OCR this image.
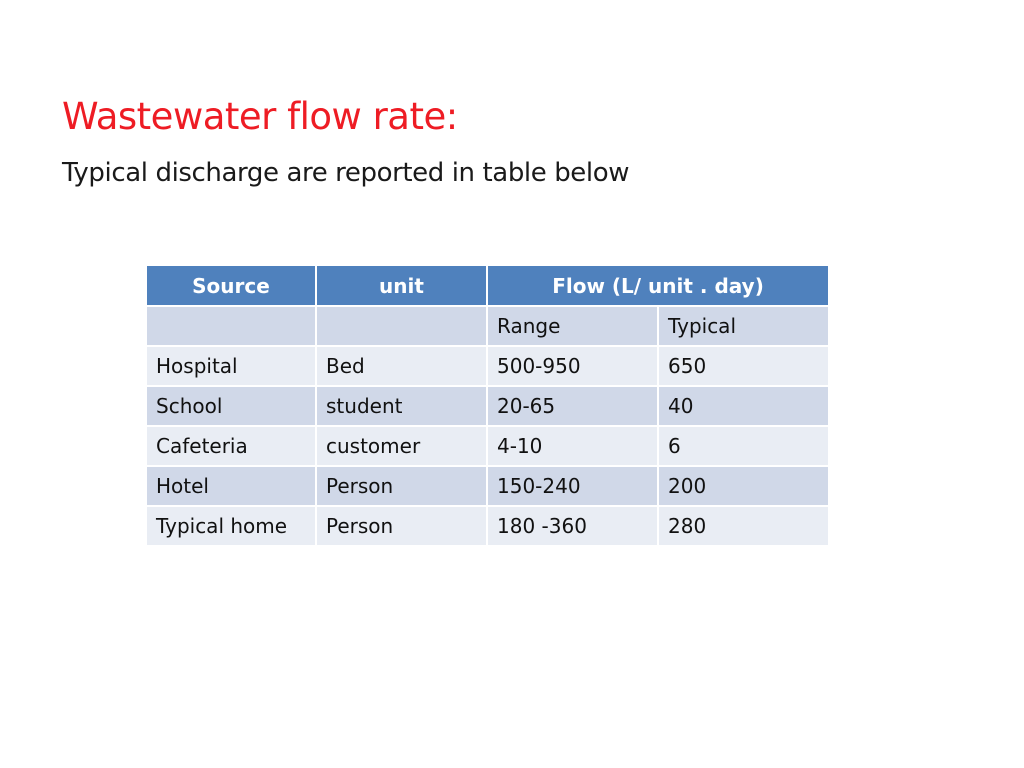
Wastewater flow rate:

Typical discharge are reported in table below

Source	unit	Flow (L/ unit . day)	
		Range	Typical
Hospital	Bed	500-950	650
School	student	20-65	40
Cafeteria	customer	4-10	6
Hotel	Person	150-240	200
Typical home	Person	180 -360	280
